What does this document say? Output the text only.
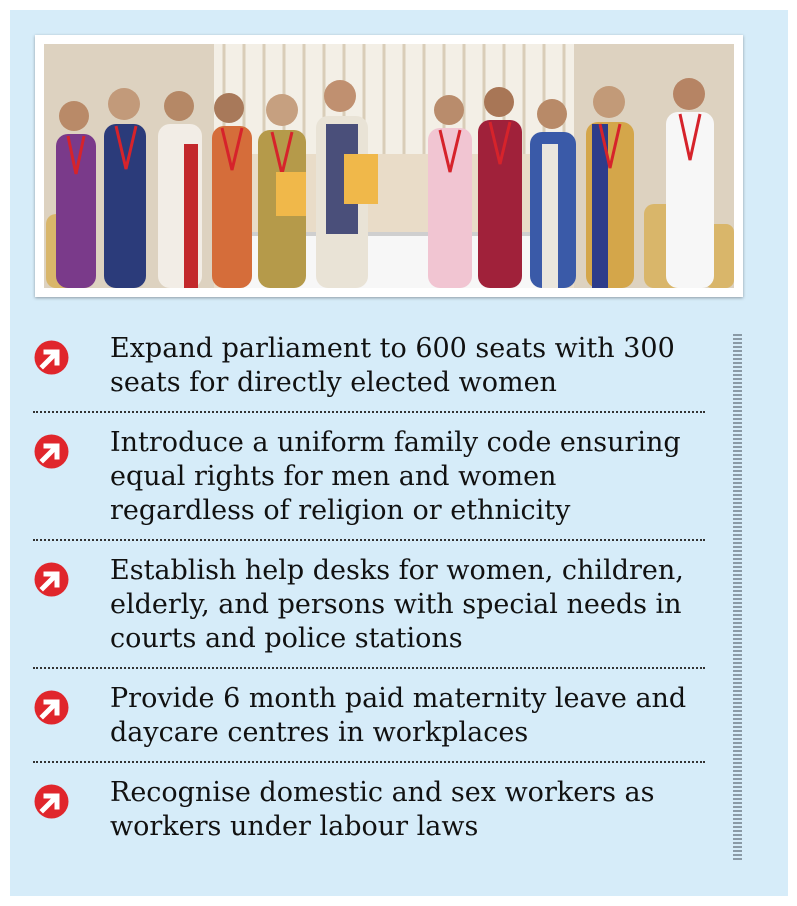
Expand parliament to 600 seats with 300
seats for directly elected women
Introduce a uniform family code ensuring
equal rights for men and women
regardless of religion or ethnicity
Establish help desks for women, children,
elderly, and persons with special needs in
courts and police stations
Provide 6 month paid maternity leave and
daycare centres in workplaces
Recognise domestic and sex workers as
workers under labour laws
